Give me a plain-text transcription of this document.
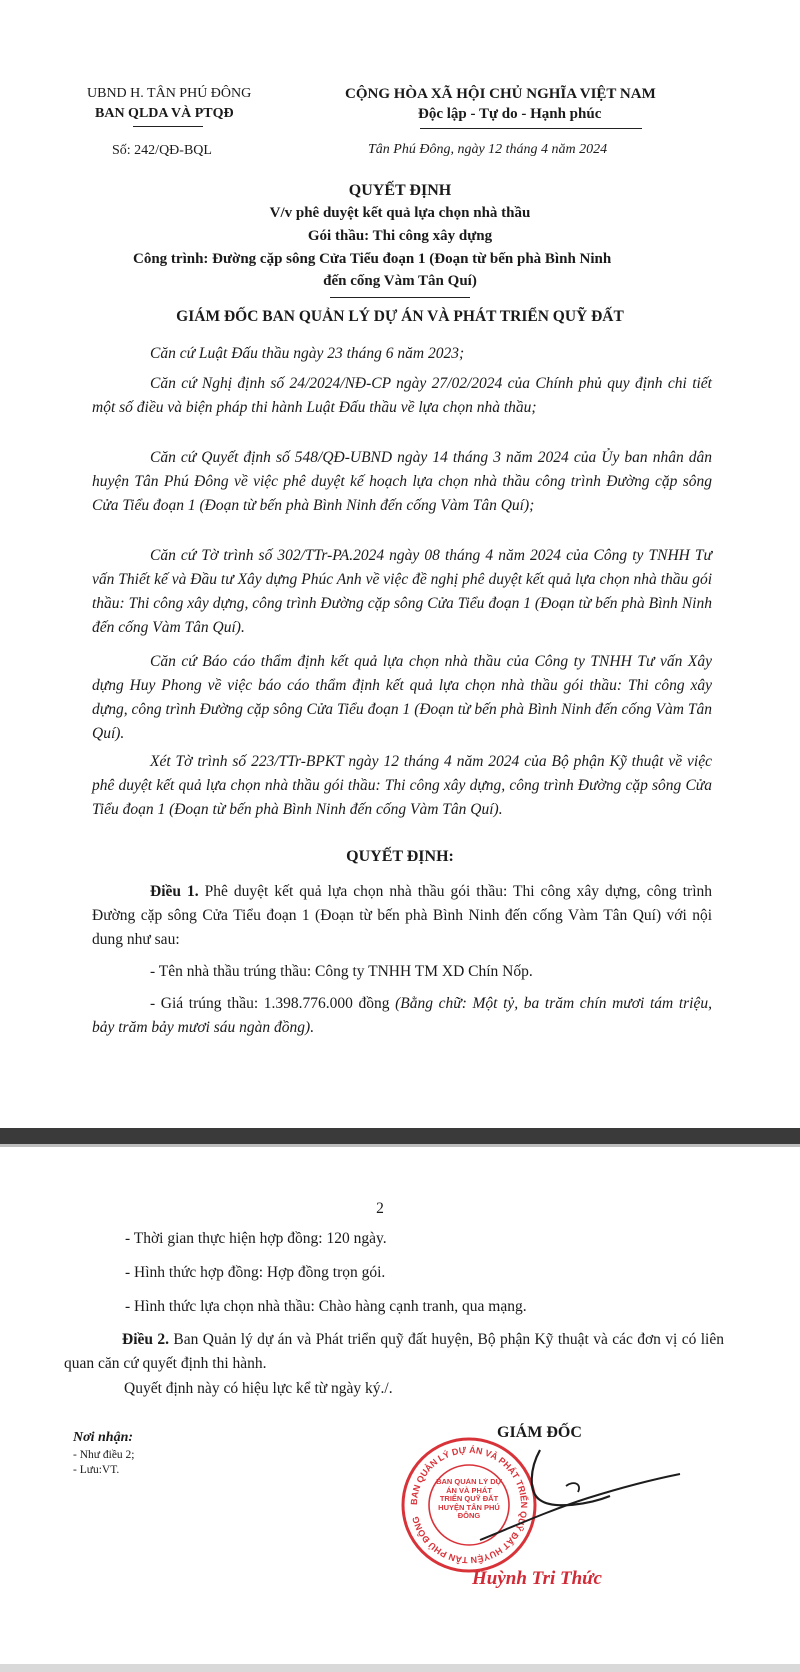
UBND H. TÂN PHÚ ĐÔNG
BAN QLDA VÀ PTQĐ
Số: 242/QĐ-BQL
CỘNG HÒA XÃ HỘI CHỦ NGHĨA VIỆT NAM
Độc lập - Tự do - Hạnh phúc
Tân Phú Đông, ngày 12 tháng 4 năm 2024
QUYẾT ĐỊNH
V/v phê duyệt kết quả lựa chọn nhà thầu
Gói thầu: Thi công xây dựng
Công trình: Đường cặp sông Cửa Tiểu đoạn 1 (Đoạn từ bến phà Bình Ninh
đến cống Vàm Tân Quí)
GIÁM ĐỐC BAN QUẢN LÝ DỰ ÁN VÀ PHÁT TRIỂN QUỸ ĐẤT
Căn cứ Luật Đấu thầu ngày 23 tháng 6 năm 2023;
Căn cứ Nghị định số 24/2024/NĐ-CP ngày 27/02/2024 của Chính phủ quy định chi tiết một số điều và biện pháp thi hành Luật Đấu thầu về lựa chọn nhà thầu;
Căn cứ Quyết định số 548/QĐ-UBND ngày 14 tháng 3 năm 2024 của Ủy ban nhân dân huyện Tân Phú Đông về việc phê duyệt kế hoạch lựa chọn nhà thầu công trình Đường cặp sông Cửa Tiểu đoạn 1 (Đoạn từ bến phà Bình Ninh đến cống Vàm Tân Quí);
Căn cứ Tờ trình số 302/TTr-PA.2024 ngày 08 tháng 4 năm 2024 của Công ty TNHH Tư vấn Thiết kế và Đầu tư Xây dựng Phúc Anh về việc đề nghị phê duyệt kết quả lựa chọn nhà thầu gói thầu: Thi công xây dựng, công trình Đường cặp sông Cửa Tiểu đoạn 1 (Đoạn từ bến phà Bình Ninh đến cống Vàm Tân Quí).
Căn cứ Báo cáo thẩm định kết quả lựa chọn nhà thầu của Công ty TNHH Tư vấn Xây dựng Huy Phong về việc báo cáo thẩm định kết quả lựa chọn nhà thầu gói thầu: Thi công xây dựng, công trình Đường cặp sông Cửa Tiểu đoạn 1 (Đoạn từ bến phà Bình Ninh đến cống Vàm Tân Quí).
Xét Tờ trình số 223/TTr-BPKT ngày 12 tháng 4 năm 2024 của Bộ phận Kỹ thuật về việc phê duyệt kết quả lựa chọn nhà thầu gói thầu: Thi công xây dựng, công trình Đường cặp sông Cửa Tiểu đoạn 1 (Đoạn từ bến phà Bình Ninh đến cống Vàm Tân Quí).
QUYẾT ĐỊNH:
Điều 1. Phê duyệt kết quả lựa chọn nhà thầu gói thầu: Thi công xây dựng, công trình Đường cặp sông Cửa Tiểu đoạn 1 (Đoạn từ bến phà Bình Ninh đến cống Vàm Tân Quí) với nội dung như sau:
- Tên nhà thầu trúng thầu: Công ty TNHH TM XD Chín Nốp.
- Giá trúng thầu: 1.398.776.000 đồng (Bằng chữ: Một tỷ, ba trăm chín mươi tám triệu, bảy trăm bảy mươi sáu ngàn đồng).
2
- Thời gian thực hiện hợp đồng: 120 ngày.
- Hình thức hợp đồng: Hợp đồng trọn gói.
- Hình thức lựa chọn nhà thầu: Chào hàng cạnh tranh, qua mạng.
Điều 2. Ban Quản lý dự án và Phát triển quỹ đất huyện, Bộ phận Kỹ thuật và các đơn vị có liên quan căn cứ quyết định thi hành.
Quyết định này có hiệu lực kể từ ngày ký./.
Nơi nhận:
- Như điều 2;
- Lưu:VT.
GIÁM ĐỐC
BAN QUẢN LÝ DỰ ÁN VÀ PHÁT TRIỂN QUỸ ĐẤT HUYỆN TÂN PHÚ ĐÔNG
BAN QUẢN LÝ DỰ ÁN VÀ PHÁT TRIỂN QUỸ ĐẤT HUYỆN TÂN PHÚ ĐÔNG
Huỳnh Tri Thức
